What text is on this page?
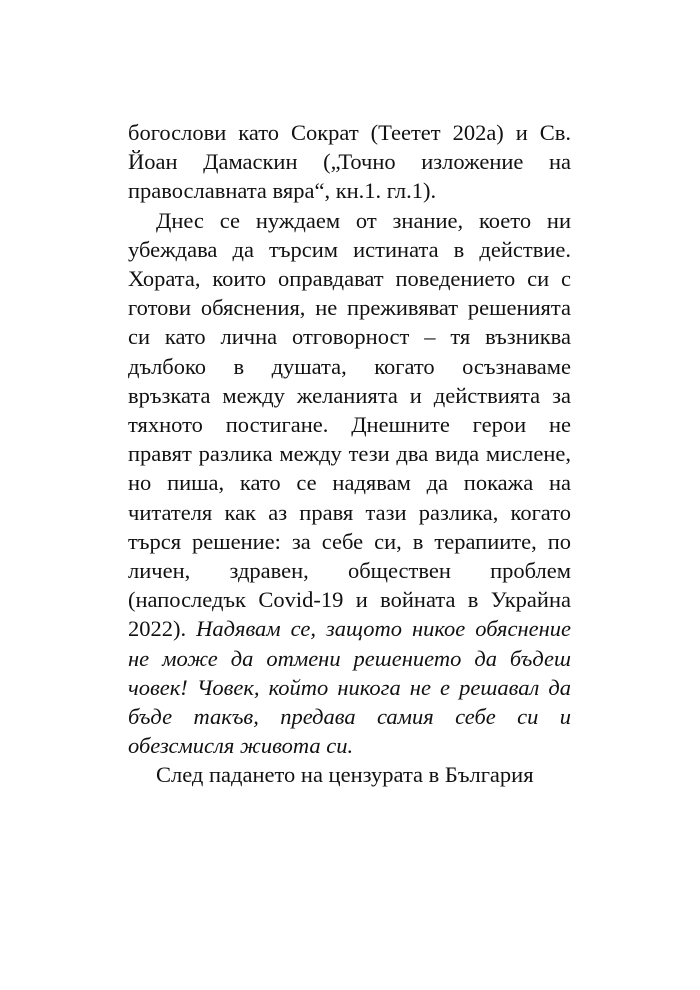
богослови като Сократ (Теетет 202а) и Св. Йоан Дамаскин („Точно изложение на православната вяра“, кн.1. гл.1).

Днес се нуждаем от знание, което ни убеждава да търсим истината в действие. Хората, които оправдават поведението си с готови обяснения, не преживяват решенията си като лична отговорност – тя възниква дълбоко в душата, когато осъзнаваме връзката между желанията и действията за тяхното постигане. Днешните герои не правят разлика между тези два вида мислене, но пиша, като се надявам да покажа на читателя как аз правя тази разлика, когато търся решение: за себе си, в терапиите, по личен, здравен, обществен проблем (напоследък Covid-19 и войната в Украйна 2022). Надявам се, защото никое обяснение не може да отмени решението да бъдеш човек! Човек, който никога не е решавал да бъде такъв, предава самия себе си и обезсмисля живота си.

След падането на цензурата в България
